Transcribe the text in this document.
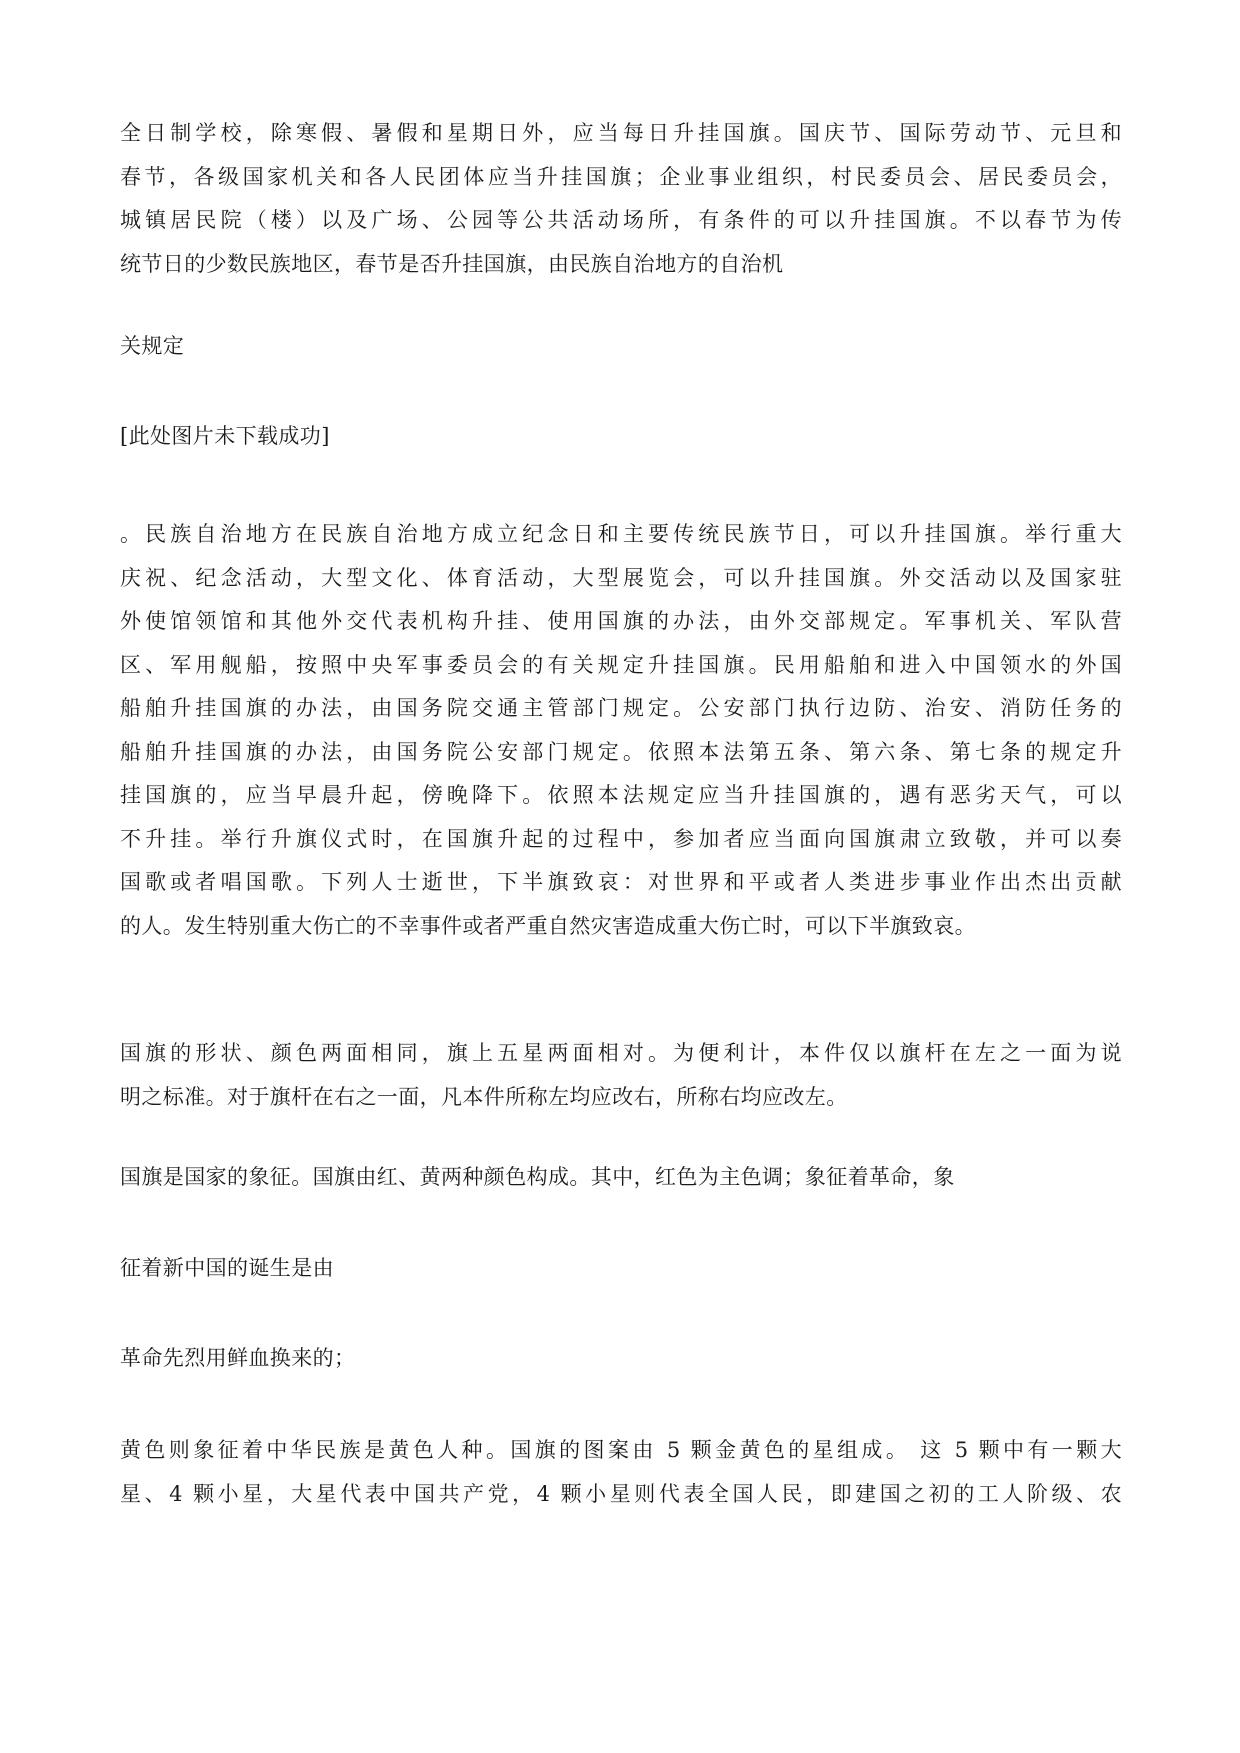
全日制学校，除寒假、暑假和星期日外，应当每日升挂国旗。国庆节、国际劳动节、元旦和
春节，各级国家机关和各人民团体应当升挂国旗；企业事业组织，村民委员会、居民委员会，
城镇居民院（楼）以及广场、公园等公共活动场所，有条件的可以升挂国旗。不以春节为传
统节日的少数民族地区，春节是否升挂国旗，由民族自治地方的自治机
关规定
[此处图片未下载成功]
。民族自治地方在民族自治地方成立纪念日和主要传统民族节日，可以升挂国旗。举行重大
庆祝、纪念活动，大型文化、体育活动，大型展览会，可以升挂国旗。外交活动以及国家驻
外使馆领馆和其他外交代表机构升挂、使用国旗的办法，由外交部规定。军事机关、军队营
区、军用舰船，按照中央军事委员会的有关规定升挂国旗。民用船舶和进入中国领水的外国
船舶升挂国旗的办法，由国务院交通主管部门规定。公安部门执行边防、治安、消防任务的
船舶升挂国旗的办法，由国务院公安部门规定。依照本法第五条、第六条、第七条的规定升
挂国旗的，应当早晨升起，傍晚降下。依照本法规定应当升挂国旗的，遇有恶劣天气，可以
不升挂。举行升旗仪式时，在国旗升起的过程中，参加者应当面向国旗肃立致敬，并可以奏
国歌或者唱国歌。下列人士逝世，下半旗致哀：对世界和平或者人类进步事业作出杰出贡献
的人。发生特别重大伤亡的不幸事件或者严重自然灾害造成重大伤亡时，可以下半旗致哀。
国旗的形状、颜色两面相同，旗上五星两面相对。为便利计，本件仅以旗杆在左之一面为说
明之标准。对于旗杆在右之一面，凡本件所称左均应改右，所称右均应改左。
国旗是国家的象征。国旗由红、黄两种颜色构成。其中，红色为主色调；象征着革命，象
征着新中国的诞生是由
革命先烈用鲜血换来的；
黄色则象征着中华民族是黄色人种。国旗的图案由 5 颗金黄色的星组成。 这 5 颗中有一颗大
星、4 颗小星，大星代表中国共产党，4 颗小星则代表全国人民，即建国之初的工人阶级、农
